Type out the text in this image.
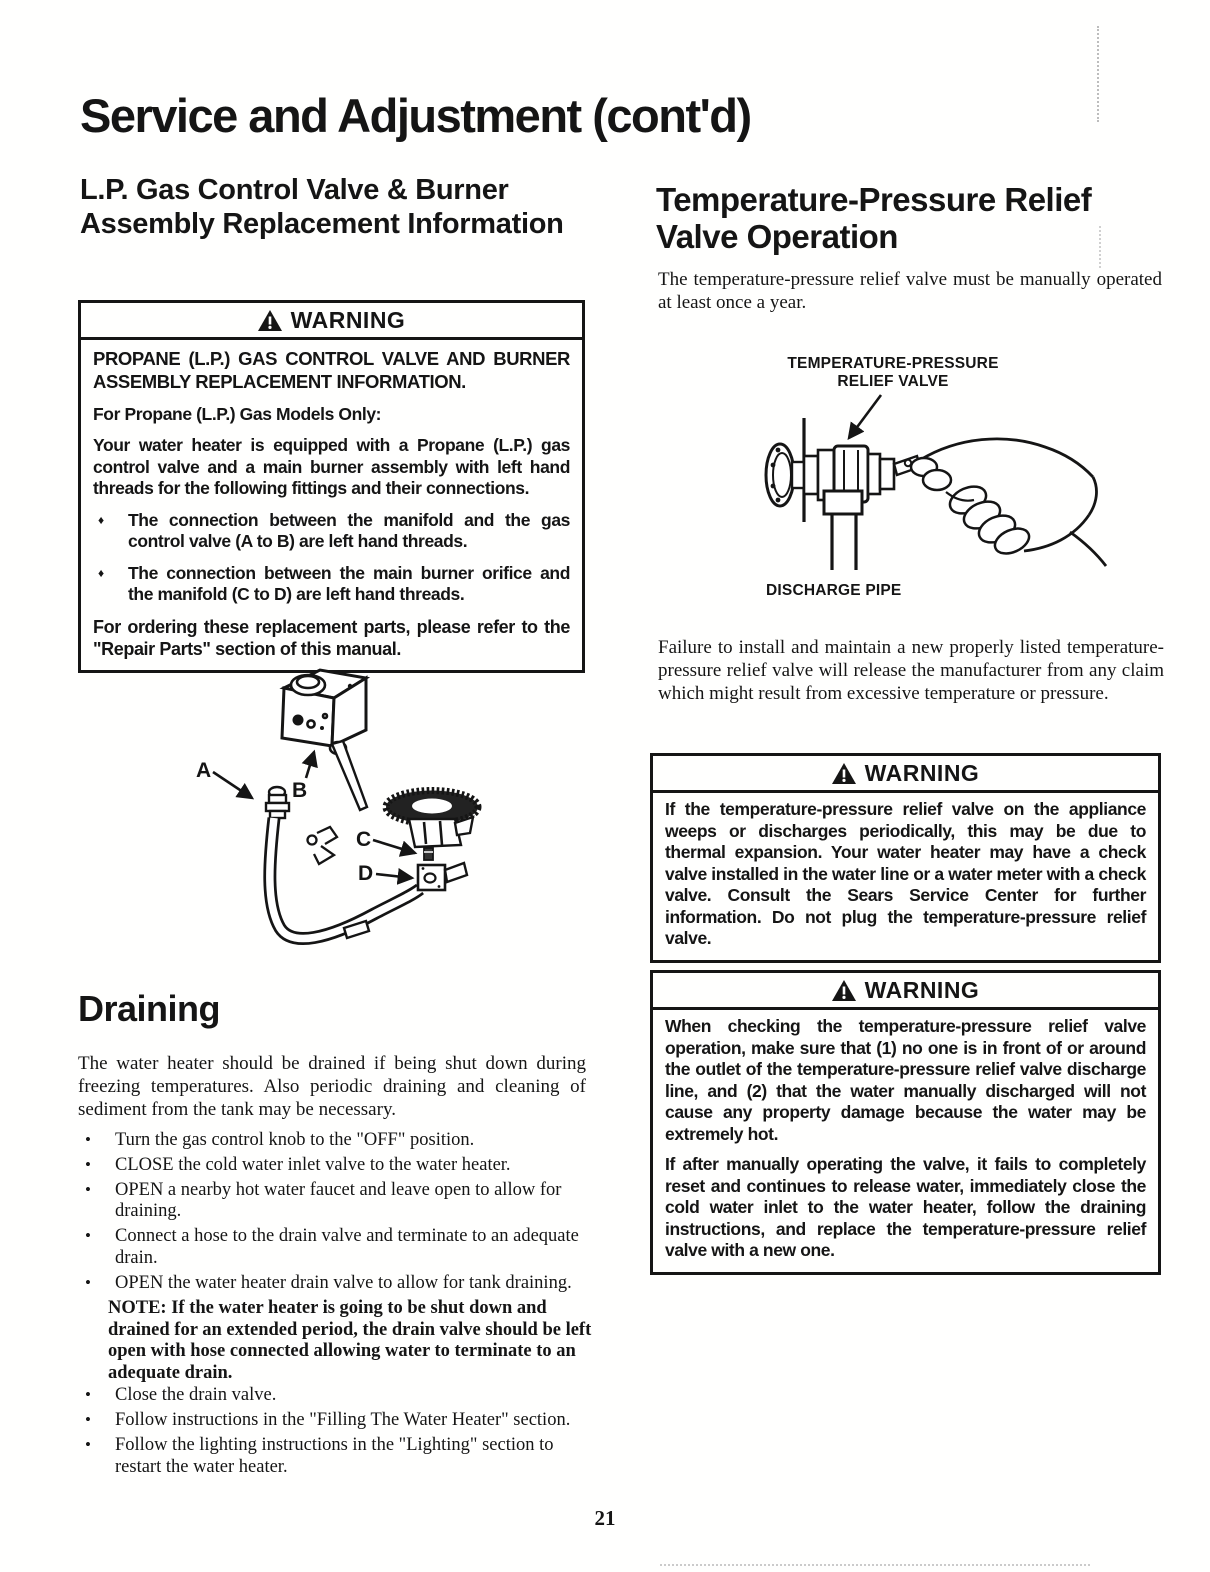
Service and Adjustment (cont'd)
L.P. Gas Control Valve & Burner Assembly Replacement Information
WARNING

PROPANE (L.P.) GAS CONTROL VALVE AND BURNER ASSEMBLY REPLACEMENT INFORMATION.

For Propane (L.P.) Gas Models Only:

Your water heater is equipped with a Propane (L.P.) gas control valve and a main burner assembly with left hand threads for the following fittings and their connections.

♦ The connection between the manifold and the gas control valve (A to B) are left hand threads.
♦ The connection between the main burner orifice and the manifold (C to D) are left hand threads.

For ordering these replacement parts, please refer to the "Repair Parts" section of this manual.

A
B
C
D
Draining
The water heater should be drained if being shut down during freezing temperatures. Also periodic draining and cleaning of sediment from the tank may be necessary.
• Turn the gas control knob to the "OFF" position.
• CLOSE the cold water inlet valve to the water heater.
• OPEN a nearby hot water faucet and leave open to allow for draining.
• Connect a hose to the drain valve and terminate to an adequate drain.
• OPEN the water heater drain valve to allow for tank draining.
NOTE: If the water heater is going to be shut down and drained for an extended period, the drain valve should be left open with hose connected allowing water to terminate to an adequate drain.
• Close the drain valve.
• Follow instructions in the "Filling The Water Heater" section.
• Follow the lighting instructions in the "Lighting" section to restart the water heater.
Temperature-Pressure Relief Valve Operation
The temperature-pressure relief valve must be manually operated at least once a year.
TEMPERATURE-PRESSURE
RELIEF VALVE
DISCHARGE PIPE
Failure to install and maintain a new properly listed temperature-pressure relief valve will release the manufacturer from any claim which might result from excessive temperature or pressure.
WARNING

If the temperature-pressure relief valve on the appliance weeps or discharges periodically, this may be due to thermal expansion. Your water heater may have a check valve installed in the water line or a water meter with a check valve. Consult the Sears Service Center for further information. Do not plug the temperature-pressure relief valve.

WARNING

When checking the temperature-pressure relief valve operation, make sure that (1) no one is in front of or around the outlet of the temperature-pressure relief valve discharge line, and (2) that the water manually discharged will not cause any property damage because the water may be extremely hot.

If after manually operating the valve, it fails to completely reset and continues to release water, immediately close the cold water inlet to the water heater, follow the draining instructions, and replace the temperature-pressure relief valve with a new one.

21
